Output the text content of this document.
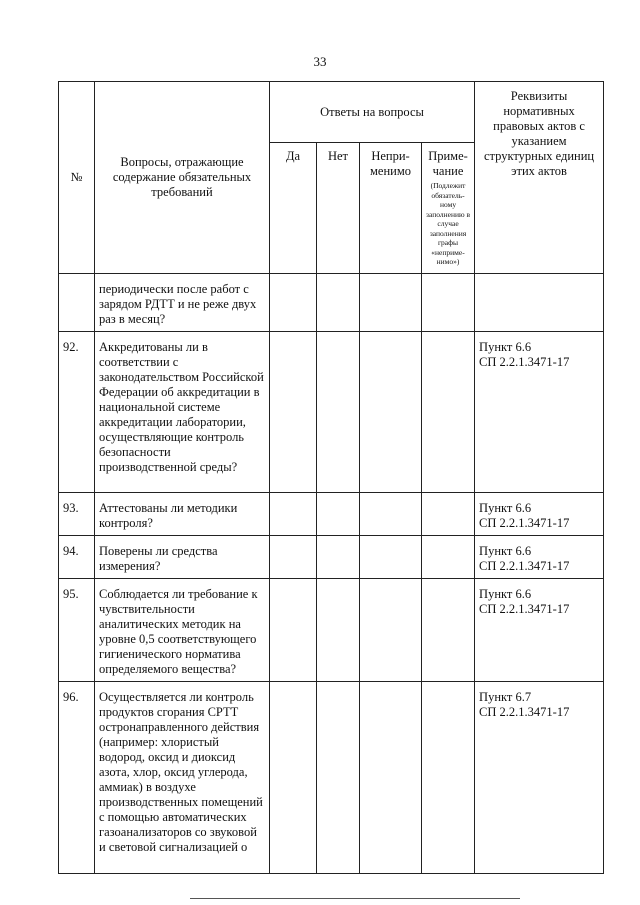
33
№	Вопросы, отражающие содержание обязательных требований	Ответы на вопросы				Реквизиты нормативных правовых актов с указанием структурных единиц этих актов
		Да	Нет	Непри-менимо	Приме-чание
(Подлежит обязатель-ному заполнению в случае заполнения графы «неприме-нимо»)	

	периодически после работ с зарядом РДТТ и не реже двух раз в месяц?					

92.	Аккредитованы ли в соответствии с законодательством Российской Федерации об аккредитации в национальной системе аккредитации лаборатории, осуществляющие контроль безопасности производственной среды?					Пункт 6.6
СП 2.2.1.3471-17

93.	Аттестованы ли методики контроля?					Пункт 6.6
СП 2.2.1.3471-17

94.	Поверены ли средства измерения?					Пункт 6.6
СП 2.2.1.3471-17

95.	Соблюдается ли требование к чувствительности аналитических методик на уровне 0,5 соответствующего гигиенического норматива определяемого вещества?					Пункт 6.6
СП 2.2.1.3471-17

96.	Осуществляется ли контроль продуктов сгорания СРТТ остронаправленного действия (например: хлористый водород, оксид и диоксид азота, хлор, оксид углерода, аммиак) в воздухе производственных помещений с помощью автоматических газоанализаторов со звуковой и световой сигнализацией о					Пункт 6.7
СП 2.2.1.3471-17
